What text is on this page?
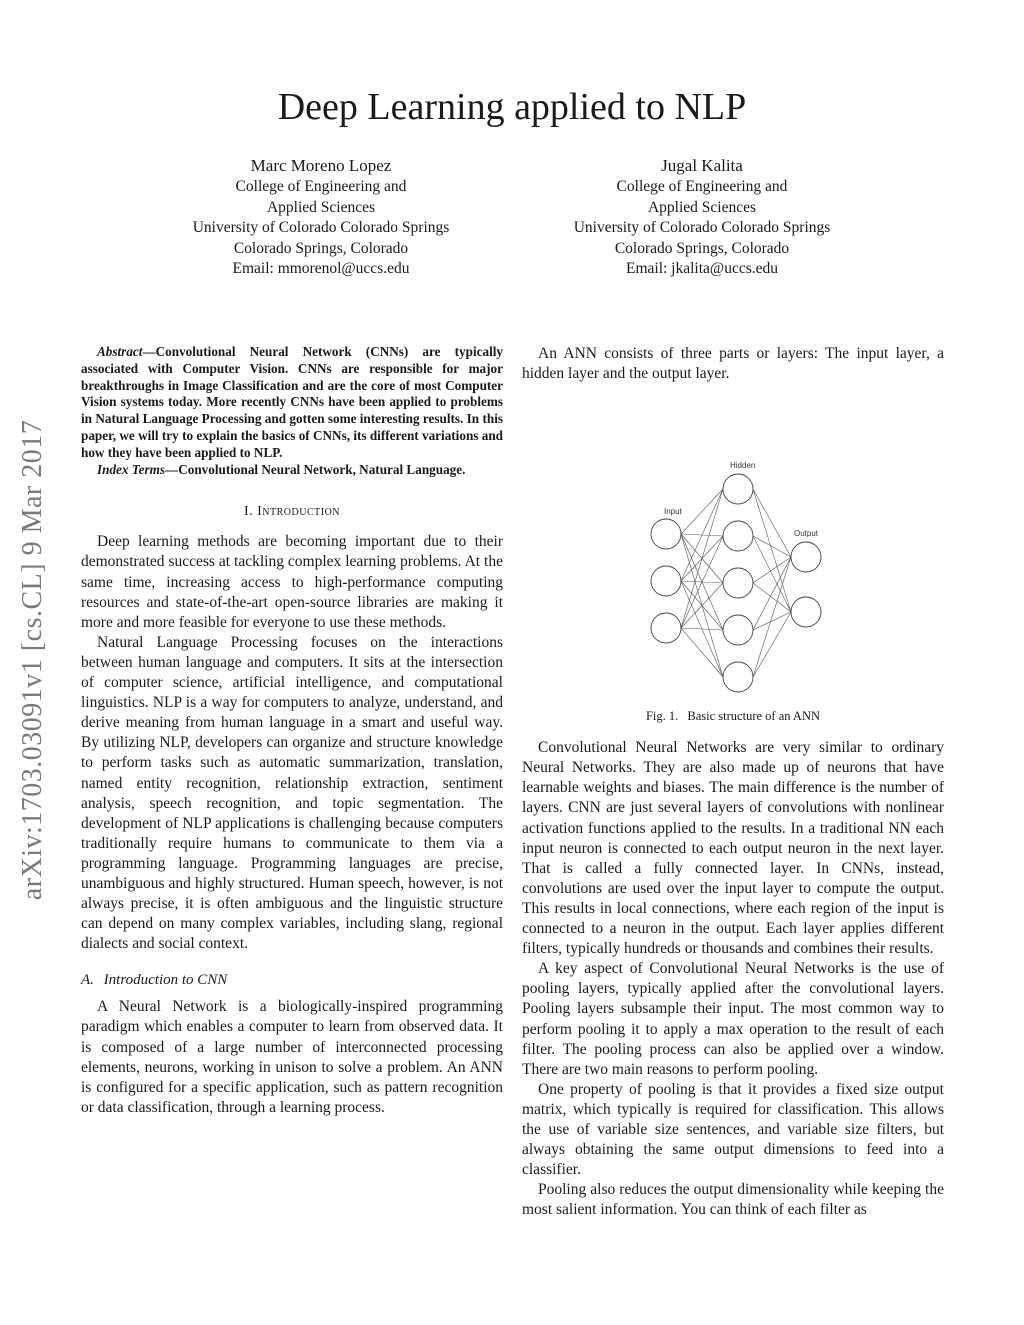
arXiv:1703.03091v1 [cs.CL] 9 Mar 2017
Deep Learning applied to NLP
Marc Moreno Lopez
College of Engineering and
Applied Sciences
University of Colorado Colorado Springs
Colorado Springs, Colorado
Email: mmorenol@uccs.edu
Jugal Kalita
College of Engineering and
Applied Sciences
University of Colorado Colorado Springs
Colorado Springs, Colorado
Email: jkalita@uccs.edu

Abstract—Convolutional Neural Network (CNNs) are typically associated with Computer Vision. CNNs are responsible for major breakthroughs in Image Classification and are the core of most Computer Vision systems today. More recently CNNs have been applied to problems in Natural Language Processing and gotten some interesting results. In this paper, we will try to explain the basics of CNNs, its different variations and how they have been applied to NLP.

Index Terms—Convolutional Neural Network, Natural Language.

I. Introduction

Deep learning methods are becoming important due to their demonstrated success at tackling complex learning problems. At the same time, increasing access to high-performance computing resources and state-of-the-art open-source libraries are making it more and more feasible for everyone to use these methods.

Natural Language Processing focuses on the interactions between human language and computers. It sits at the intersection of computer science, artificial intelligence, and computational linguistics. NLP is a way for computers to analyze, understand, and derive meaning from human language in a smart and useful way. By utilizing NLP, developers can organize and structure knowledge to perform tasks such as automatic summarization, translation, named entity recognition, relationship extraction, sentiment analysis, speech recognition, and topic segmentation. The development of NLP applications is challenging because computers traditionally require humans to communicate to them via a programming language. Programming languages are precise, unambiguous and highly structured. Human speech, however, is not always precise, it is often ambiguous and the linguistic structure can depend on many complex variables, including slang, regional dialects and social context.

A. Introduction to CNN

A Neural Network is a biologically-inspired programming paradigm which enables a computer to learn from observed data. It is composed of a large number of interconnected processing elements, neurons, working in unison to solve a problem. An ANN is configured for a specific application, such as pattern recognition or data classification, through a learning process.

An ANN consists of three parts or layers: The input layer, a hidden layer and the output layer.

Input
Hidden
Output
Fig. 1. Basic structure of an ANN

Convolutional Neural Networks are very similar to ordinary Neural Networks. They are also made up of neurons that have learnable weights and biases. The main difference is the number of layers. CNN are just several layers of convolutions with nonlinear activation functions applied to the results. In a traditional NN each input neuron is connected to each output neuron in the next layer. That is called a fully connected layer. In CNNs, instead, convolutions are used over the input layer to compute the output. This results in local connections, where each region of the input is connected to a neuron in the output. Each layer applies different filters, typically hundreds or thousands and combines their results.

A key aspect of Convolutional Neural Networks is the use of pooling layers, typically applied after the convolutional layers. Pooling layers subsample their input. The most common way to perform pooling it to apply a max operation to the result of each filter. The pooling process can also be applied over a window. There are two main reasons to perform pooling.

One property of pooling is that it provides a fixed size output matrix, which typically is required for classification. This allows the use of variable size sentences, and variable size filters, but always obtaining the same output dimensions to feed into a classifier.

Pooling also reduces the output dimensionality while keeping the most salient information. You can think of each filter as
